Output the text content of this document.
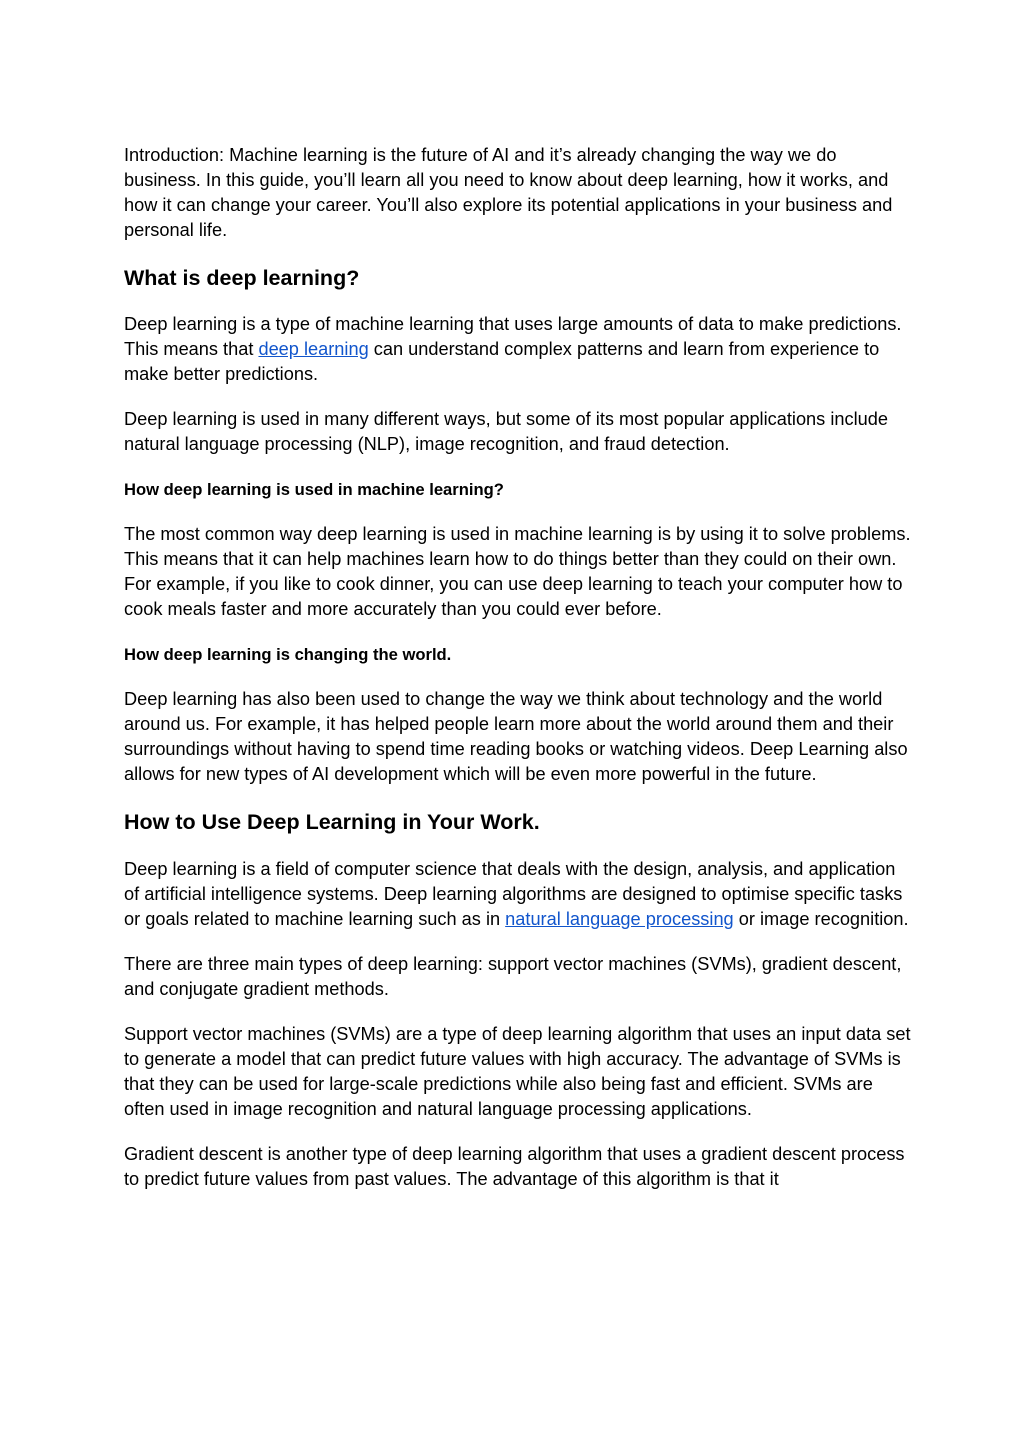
Introduction: Machine learning is the future of AI and it’s already changing the way we do business. In this guide, you’ll learn all you need to know about deep learning, how it works, and how it can change your career. You’ll also explore its potential applications in your business and personal life.

What is deep learning?

Deep learning is a type of machine learning that uses large amounts of data to make predictions. This means that deep learning can understand complex patterns and learn from experience to make better predictions.

Deep learning is used in many different ways, but some of its most popular applications include natural language processing (NLP), image recognition, and fraud detection.

How deep learning is used in machine learning?

The most common way deep learning is used in machine learning is by using it to solve problems. This means that it can help machines learn how to do things better than they could on their own. For example, if you like to cook dinner, you can use deep learning to teach your computer how to cook meals faster and more accurately than you could ever before.

How deep learning is changing the world.

Deep learning has also been used to change the way we think about technology and the world around us. For example, it has helped people learn more about the world around them and their surroundings without having to spend time reading books or watching videos. Deep Learning also allows for new types of AI development which will be even more powerful in the future.

How to Use Deep Learning in Your Work.

Deep learning is a field of computer science that deals with the design, analysis, and application of artificial intelligence systems. Deep learning algorithms are designed to optimise specific tasks or goals related to machine learning such as in natural language processing or image recognition.

There are three main types of deep learning: support vector machines (SVMs), gradient descent, and conjugate gradient methods.

Support vector machines (SVMs) are a type of deep learning algorithm that uses an input data set to generate a model that can predict future values with high accuracy. The advantage of SVMs is that they can be used for large-scale predictions while also being fast and efficient. SVMs are often used in image recognition and natural language processing applications.

Gradient descent is another type of deep learning algorithm that uses a gradient descent process to predict future values from past values. The advantage of this algorithm is that it
